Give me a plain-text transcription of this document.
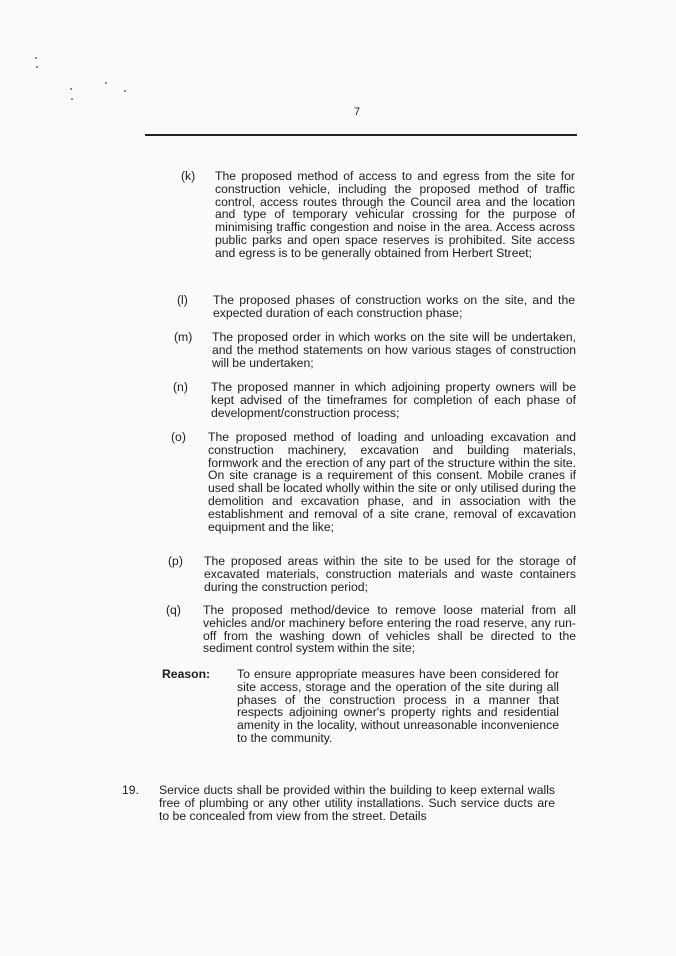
7
(k) The proposed method of access to and egress from the site for construction vehicle, including the proposed method of traffic control, access routes through the Council area and the location and type of temporary vehicular crossing for the purpose of minimising traffic congestion and noise in the area. Access across public parks and open space reserves is prohibited. Site access and egress is to be generally obtained from Herbert Street;
(l) The proposed phases of construction works on the site, and the expected duration of each construction phase;
(m) The proposed order in which works on the site will be undertaken, and the method statements on how various stages of construction will be undertaken;
(n) The proposed manner in which adjoining property owners will be kept advised of the timeframes for completion of each phase of development/construction process;
(o) The proposed method of loading and unloading excavation and construction machinery, excavation and building materials, formwork and the erection of any part of the structure within the site. On site cranage is a requirement of this consent. Mobile cranes if used shall be located wholly within the site or only utilised during the demolition and excavation phase, and in association with the establishment and removal of a site crane, removal of excavation equipment and the like;
(p) The proposed areas within the site to be used for the storage of excavated materials, construction materials and waste containers during the construction period;
(q) The proposed method/device to remove loose material from all vehicles and/or machinery before entering the road reserve, any run-off from the washing down of vehicles shall be directed to the sediment control system within the site;
Reason: To ensure appropriate measures have been considered for site access, storage and the operation of the site during all phases of the construction process in a manner that respects adjoining owner's property rights and residential amenity in the locality, without unreasonable inconvenience to the community.
19. Service ducts shall be provided within the building to keep external walls free of plumbing or any other utility installations. Such service ducts are to be concealed from view from the street. Details
